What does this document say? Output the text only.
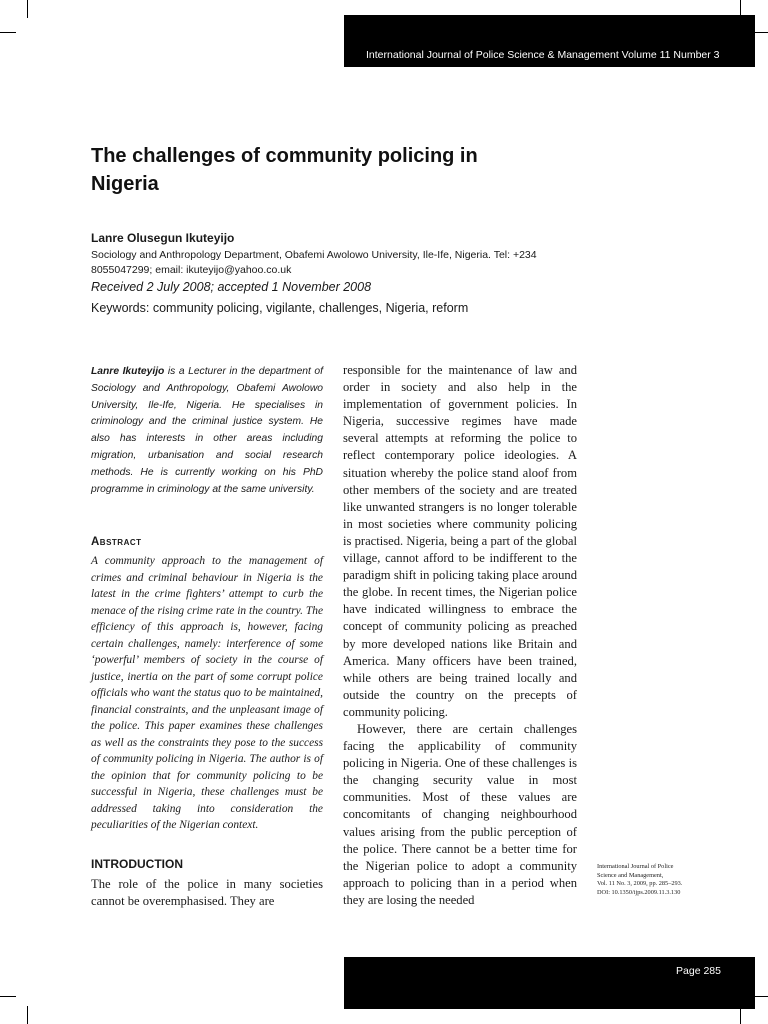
International Journal of Police Science & Management Volume 11 Number 3
The challenges of community policing in Nigeria
Lanre Olusegun Ikuteyijo
Sociology and Anthropology Department, Obafemi Awolowo University, Ile-Ife, Nigeria. Tel: +234 8055047299; email: ikuteyijo@yahoo.co.uk
Received 2 July 2008; accepted 1 November 2008
Keywords: community policing, vigilante, challenges, Nigeria, reform
Lanre Ikuteyijo is a Lecturer in the department of Sociology and Anthropology, Obafemi Awolowo University, Ile-Ife, Nigeria. He specialises in criminology and the criminal justice system. He also has interests in other areas including migration, urbanisation and social research methods. He is currently working on his PhD programme in criminology at the same university.
Abstract
A community approach to the management of crimes and criminal behaviour in Nigeria is the latest in the crime fighters’ attempt to curb the menace of the rising crime rate in the country. The efficiency of this approach is, however, facing certain challenges, namely: interference of some ‘powerful’ members of society in the course of justice, inertia on the part of some corrupt police officials who want the status quo to be maintained, financial constraints, and the unpleasant image of the police. This paper examines these challenges as well as the constraints they pose to the success of community policing in Nigeria. The author is of the opinion that for community policing to be successful in Nigeria, these challenges must be addressed taking into consideration the peculiarities of the Nigerian context.
INTRODUCTION
The role of the police in many societies cannot be overemphasised. They are

responsible for the maintenance of law and order in society and also help in the implementation of government policies. In Nigeria, successive regimes have made several attempts at reforming the police to reflect contemporary police ideologies. A situation whereby the police stand aloof from other members of the society and are treated like unwanted strangers is no longer tolerable in most societies where community policing is practised. Nigeria, being a part of the global village, cannot afford to be indifferent to the paradigm shift in policing taking place around the globe. In recent times, the Nigerian police have indicated willingness to embrace the concept of community policing as preached by more developed nations like Britain and America. Many officers have been trained, while others are being trained locally and outside the country on the precepts of community policing.

However, there are certain challenges facing the applicability of community policing in Nigeria. One of these challenges is the changing security value in most communities. Most of these values are concomitants of changing neighbourhood values arising from the public perception of the police. There cannot be a better time for the Nigerian police to adopt a community approach to policing than in a period when they are losing the needed

International Journal of Police
Science and Management,
Vol. 11 No. 3, 2009, pp. 285–293.
DOI: 10.1350/ijps.2009.11.3.130
Page 285
